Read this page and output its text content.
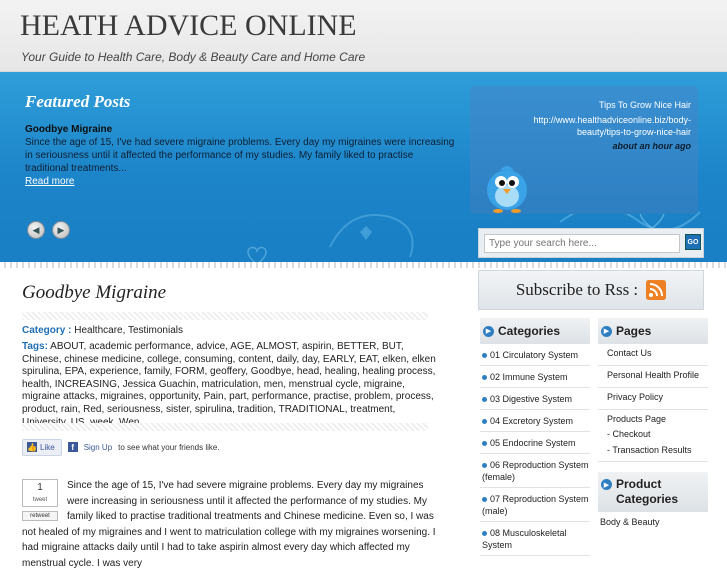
HEATH ADVICE ONLINE
Your Guide to Health Care, Body & Beauty Care and Home Care
Featured Posts
Goodbye Migraine
Since the age of 15, I've had severe migraine problems. Every day my migraines were increasing in seriousness until it affected the performance of my studies. My family liked to practise traditional treatments...
Read more
◀ ▶
Tips To Grow Nice Hair
http://www.healthadviceonline.biz/body-beauty/tips-to-grow-nice-hair
about an hour ago
Type your search here...
GO
Goodbye Migraine
Category : Healthcare, Testimonials
Tags: ABOUT, academic performance, advice, AGE, ALMOST, aspirin, BETTER, BUT, Chinese, chinese medicine, college, consuming, content, daily, day, EARLY, EAT, elken, elken spirulina, EPA, experience, family, FORM, geoffery, Goodbye, head, healing, healing process, health, INCREASING, Jessica Guachin, matriculation, men, menstrual cycle, migraine, migraine attacks, migraines, opportunity, Pain, part, performance, practise, problem, process, product, rain, Red, seriousness, sister, spirulina, tradition, TRADITIONAL, treatment,
👍 Like	f	Sign Up to see what your friends like.
Since the age of 15, I've had severe migraine problems. Every day my migraines were increasing in seriousness until it affected the performance of my studies. My family liked to practise traditional treatments and Chinese medicine. Even so, I was not healed of my migraines and I went to matriculation college with my migraines worsening. I had migraine attacks daily until I had to take aspirin almost every day which affected my menstrual cycle. I was very
1
tweet
retweet
Subscribe to Rss :
▶ Categories
01 Circulatory System
02 Immune System
03 Digestive System
04 Excretory System
05 Endocrine System
06 Reproduction System (female)
07 Reproduction System (male)
08 Musculoskeletal System
▶ Pages
Contact Us
Personal Health Profile
Privacy Policy
Products Page
- Checkout
- Transaction Results
▶ Product Categories
Body & Beauty
